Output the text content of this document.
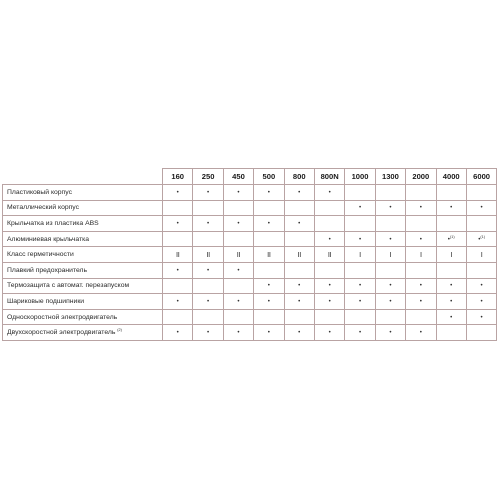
	160	250	450	500	800	800N	1000	1300	2000	4000	6000
Пластиковый корпус	•	•	•	•	•	•					
Металлический корпус							•	•	•	•	•
Крыльчатка из пластика ABS	•	•	•	•	•						
Алюминиевая крыльчатка						•	•	•	•	•$^{(1)}$	•$^{(1)}$
Класс герметичности	II	II	II	II	II	II	I	I	I	I	I
Плавкий предохранитель	•	•	•								
Термозащита с автомат. перезапуском				•	•	•	•	•	•	•	•
Шариковые подшипники	•	•	•	•	•	•	•	•	•	•	•
Односкоростной электродвигатель										•	•
Двухскоростной электродвигатель $^{(2)}$	•	•	•	•	•	•	•	•	•		
